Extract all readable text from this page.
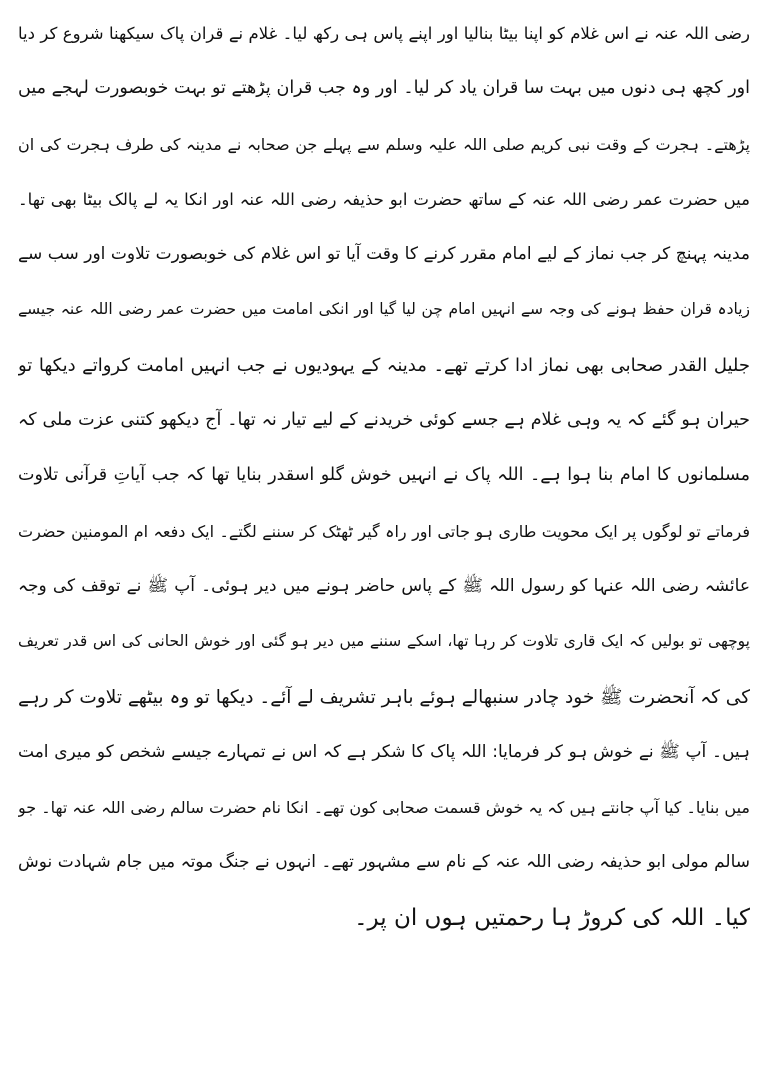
رضی اللہ عنہ نے اس غلام کو اپنا بیٹا بنالیا اور اپنے پاس ہی رکھ لیا۔ غلام نے قران پاک سیکھنا شروع کر دیا
اور کچھ ہی دنوں میں بہت سا قران یاد کر لیا۔ اور وہ جب قران پڑھتے تو بہت خوبصورت لہجے میں
پڑھتے۔ ہجرت کے وقت نبی کریم صلی اللہ علیہ وسلم سے پہلے جن صحابہ نے مدینہ کی طرف ہجرت کی ان
میں حضرت عمر رضی اللہ عنہ کے ساتھ حضرت ابو حذیفہ رضی اللہ عنہ اور انکا یہ لے پالک بیٹا بھی تھا۔
مدینہ پہنچ کر جب نماز کے لیے امام مقرر کرنے کا وقت آیا تو اس غلام کی خوبصورت تلاوت اور سب سے
زیادہ قران حفظ ہونے کی وجہ سے انہیں امام چن لیا گیا اور انکی امامت میں حضرت عمر رضی اللہ عنہ جیسے
جلیل القدر صحابی بھی نماز ادا کرتے تھے۔ مدینہ کے یہودیوں نے جب انہیں امامت کرواتے دیکھا تو
حیران ہو گئے کہ یہ وہی غلام ہے جسے کوئی خریدنے کے لیے تیار نہ تھا۔ آج دیکھو کتنی عزت ملی کہ
مسلمانوں کا امام بنا ہوا ہے۔ اللہ پاک نے انہیں خوش گلو اسقدر بنایا تھا کہ جب آیاتِ قرآنی تلاوت
فرماتے تو لوگوں پر ایک محویت طاری ہو جاتی اور راہ گیر ٹھٹک کر سننے لگتے۔ ایک دفعہ ام المومنین حضرت
عائشہ رضی اللہ عنہا کو رسول اللہ ﷺ کے پاس حاضر ہونے میں دیر ہوئی۔ آپ ﷺ نے توقف کی وجہ
پوچھی تو بولیں کہ ایک قاری تلاوت کر رہا تھا، اسکے سننے میں دیر ہو گئی اور خوش الحانی کی اس قدر تعریف
کی کہ آنحضرت ﷺ خود چادر سنبھالے ہوئے باہر تشریف لے آئے۔ دیکھا تو وہ بیٹھے تلاوت کر رہے
ہیں۔ آپ ﷺ نے خوش ہو کر فرمایا: اللہ پاک کا شکر ہے کہ اس نے تمہارے جیسے شخص کو میری امت
میں بنایا۔ کیا آپ جانتے ہیں کہ یہ خوش قسمت صحابی کون تھے۔ انکا نام حضرت سالم رضی اللہ عنہ تھا۔ جو
سالم مولی ابو حذیفہ رضی اللہ عنہ کے نام سے مشہور تھے۔ انہوں نے جنگ موتہ میں جام شہادت نوش
کیا۔ اللہ کی کروڑ ہا رحمتیں ہوں ان پر۔
